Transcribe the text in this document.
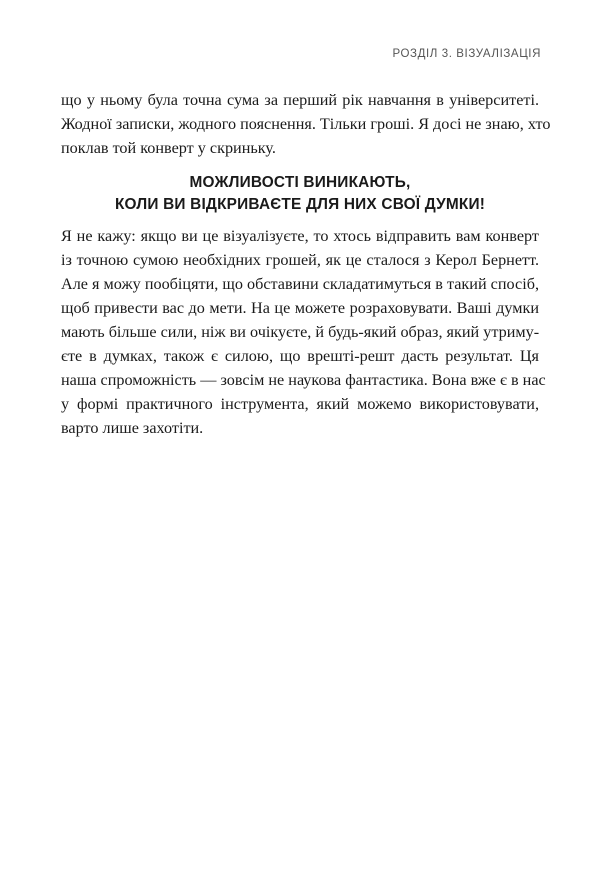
РОЗДІЛ 3. ВІЗУАЛІЗАЦІЯ

що у ньому була точна сума за перший рік навчання в університеті.
Жодної записки, жодного пояснення. Тільки гроші. Я досі не знаю, хто
поклав той конверт у скриньку.

МОЖЛИВОСТІ ВИНИКАЮТЬ,
КОЛИ ВИ ВІДКРИВАЄТЕ ДЛЯ НИХ СВОЇ ДУМКИ!

Я не кажу: якщо ви це візуалізуєте, то хтось відправить вам конверт
із точною сумою необхідних грошей, як це сталося з Керол Бернетт.
Але я можу пообіцяти, що обставини складатимуться в такий спосіб,
щоб привести вас до мети. На це можете розраховувати. Ваші думки
мають більше сили, ніж ви очікуєте, й будь-який образ, який утриму-
єте в думках, також є силою, що врешті-решт дасть результат. Ця
наша спроможність — зовсім не наукова фантастика. Вона вже є в нас
у формі практичного інструмента, який можемо використовувати,
варто лише захотіти.
